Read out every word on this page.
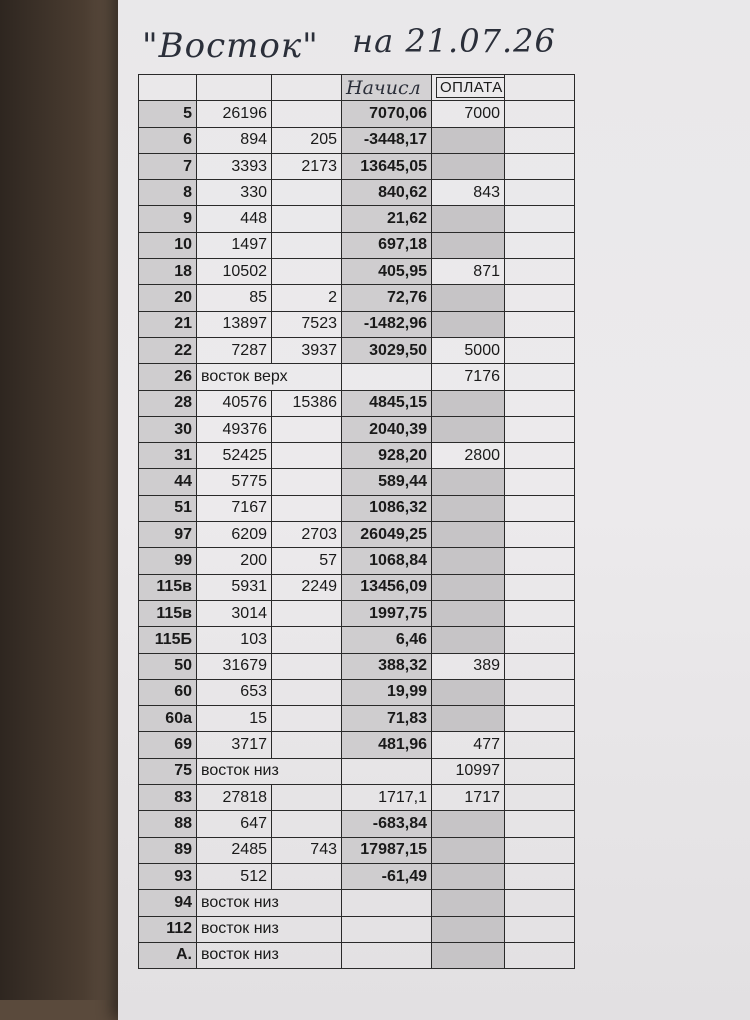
"Восток" на 21.07.26
			Начисл	ОПЛАТА	
5	26196		7070,06	7000	
6	894	205	-3448,17		
7	3393	2173	13645,05		
8	330		840,62	843	
9	448		21,62		
10	1497		697,18		
18	10502		405,95	871	
20	85	2	72,76		
21	13897	7523	-1482,96		
22	7287	3937	3029,50	5000	
26	восток верх			7176	
28	40576	15386	4845,15		
30	49376		2040,39		
31	52425		928,20	2800	
44	5775		589,44		
51	7167		1086,32		
97	6209	2703	26049,25		
99	200	57	1068,84		
115в	5931	2249	13456,09		
115в	3014		1997,75		
115Б	103		6,46		
50	31679		388,32	389	
60	653		19,99		
60а	15		71,83		
69	3717		481,96	477	
75	восток низ			10997	
83	27818		1717,1	1717	
88	647		-683,84		
89	2485	743	17987,15		
93	512		-61,49		
94	восток низ				
112	восток низ				
А.	восток низ				
